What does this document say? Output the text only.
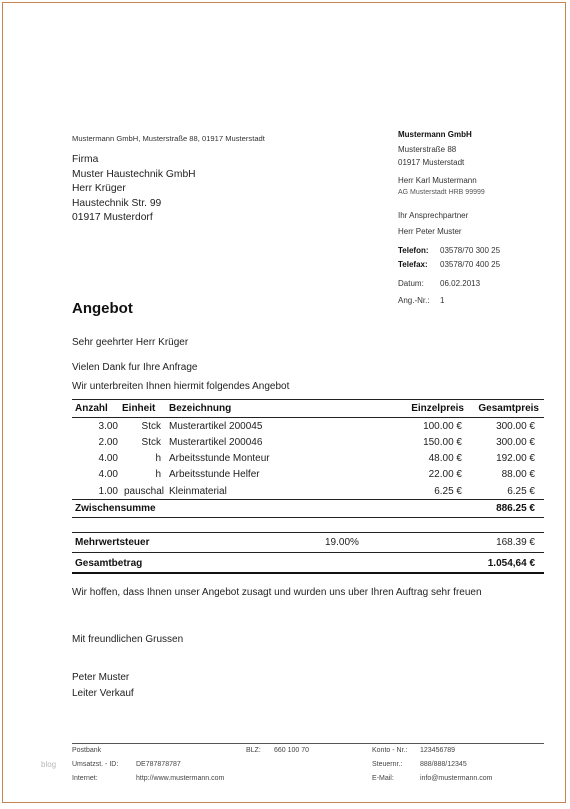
Mustermann GmbH, Musterstraße 88, 01917 Musterstadt
Firma
Muster Haustechnik GmbH
Herr Krüger
Haustechnik Str. 99
01917 Musterdorf
Mustermann GmbH
Musterstraße 88
01917 Musterstadt
Herr Karl Mustermann
AG Musterstadt HRB 99999
Ihr Ansprechpartner
Herr Peter Muster
Telefon: 03578/70 300 25
Telefax: 03578/70 400 25
Datum: 06.02.2013
Ang.-Nr.: 1
Angebot
Sehr geehrter Herr Krüger
Vielen Dank fur Ihre Anfrage
Wir unterbreiten Ihnen hiermit folgendes Angebot
Anzahl Einheit Bezeichnung	Einzelpreis	Gesamtpreis
3.00	Stck Musterartikel 200045	100.00 €	300.00 €
2.00	Stck Musterartikel 200046	150.00 €	300.00 €
4.00	h Arbeitsstunde Monteur	48.00 €	192.00 €
4.00	h Arbeitsstunde Helfer	22.00 €	88.00 €
1.00 pauschal Kleinmaterial	6.25 €	6.25 €
Zwischensumme	886.25 €
Mehrwertsteuer	19.00%	168.39 €
Gesamtbetrag	1.054,64 €
Wir hoffen, dass Ihnen unser Angebot zusagt und wurden uns uber Ihren Auftrag sehr freuen
Mit freundlichen Grussen
Peter Muster
Leiter Verkauf
blog
Postbank	BLZ: 660 100 70	Konto - Nr.: 123456789
Umsatzst. - ID:	DE787878787	Steuernr.:	888/888/12345
Internet:	http://www.mustermann.com	E-Mail:	info@mustermann.com
